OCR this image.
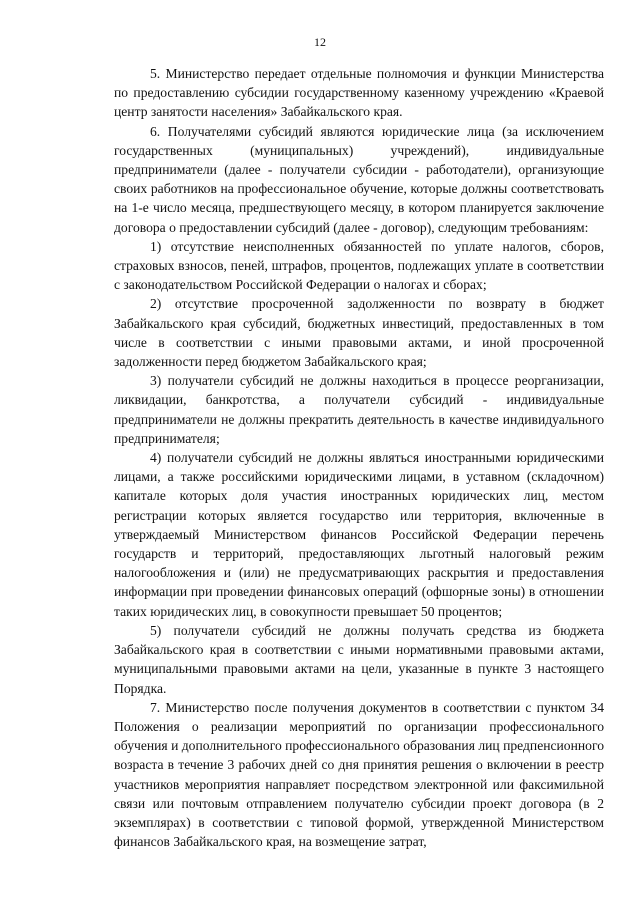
12

5. Министерство передает отдельные полномочия и функции Министерства по предоставлению субсидии государственному казенному учреждению «Краевой центр занятости населения» Забайкальского края.

6. Получателями субсидий являются юридические лица (за исключением государственных (муниципальных) учреждений), индивидуальные предприниматели (далее - получатели субсидии - работодатели), организующие своих работников на профессиональное обучение, которые должны соответствовать на 1-е число месяца, предшествующего месяцу, в котором планируется заключение договора о предоставлении субсидий (далее - договор), следующим требованиям:

1) отсутствие неисполненных обязанностей по уплате налогов, сборов, страховых взносов, пеней, штрафов, процентов, подлежащих уплате в соответствии с законодательством Российской Федерации о налогах и сборах;

2) отсутствие просроченной задолженности по возврату в бюджет Забайкальского края субсидий, бюджетных инвестиций, предоставленных в том числе в соответствии с иными правовыми актами, и иной просроченной задолженности перед бюджетом Забайкальского края;

3) получатели субсидий не должны находиться в процессе реорганизации, ликвидации, банкротства, а получатели субсидий - индивидуальные предприниматели не должны прекратить деятельность в качестве индивидуального предпринимателя;

4) получатели субсидий не должны являться иностранными юридическими лицами, а также российскими юридическими лицами, в уставном (складочном) капитале которых доля участия иностранных юридических лиц, местом регистрации которых является государство или территория, включенные в утверждаемый Министерством финансов Российской Федерации перечень государств и территорий, предоставляющих льготный налоговый режим налогообложения и (или) не предусматривающих раскрытия и предоставления информации при проведении финансовых операций (офшорные зоны) в отношении таких юридических лиц, в совокупности превышает 50 процентов;

5) получатели субсидий не должны получать средства из бюджета Забайкальского края в соответствии с иными нормативными правовыми актами, муниципальными правовыми актами на цели, указанные в пункте 3 настоящего Порядка.

7. Министерство после получения документов в соответствии с пунктом 34 Положения о реализации мероприятий по организации профессионального обучения и дополнительного профессионального образования лиц предпенсионного возраста в течение 3 рабочих дней со дня принятия решения о включении в реестр участников мероприятия направляет посредством электронной или факсимильной связи или почтовым отправлением получателю субсидии проект договора (в 2 экземплярах) в соответствии с типовой формой, утвержденной Министерством финансов Забайкальского края, на возмещение затрат,
